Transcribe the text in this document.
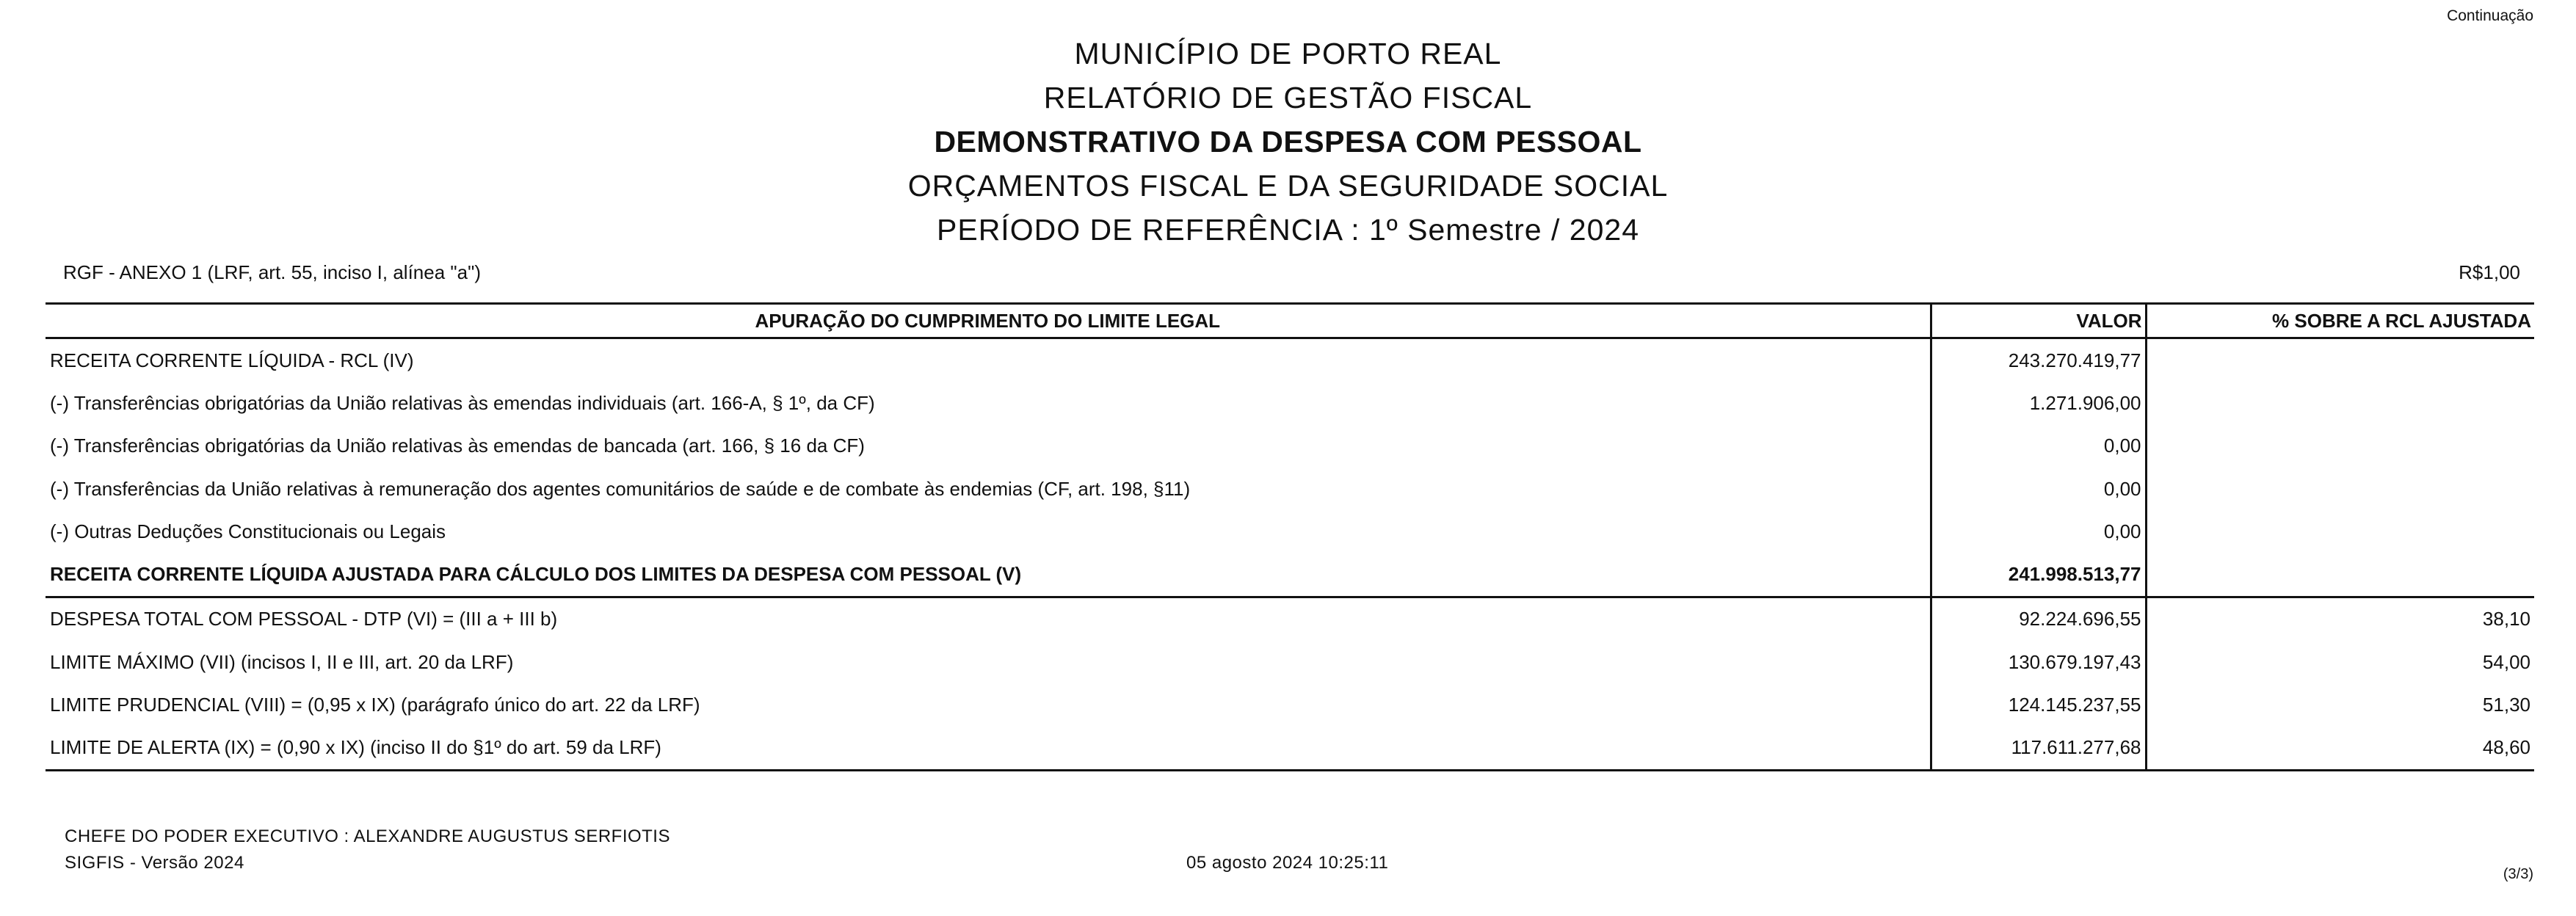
Continuação
MUNICÍPIO DE PORTO REAL
RELATÓRIO DE GESTÃO FISCAL
DEMONSTRATIVO DA DESPESA COM PESSOAL
ORÇAMENTOS FISCAL E DA SEGURIDADE SOCIAL
PERÍODO DE REFERÊNCIA : 1º Semestre / 2024
RGF - ANEXO 1 (LRF, art. 55, inciso I, alínea "a")	R$1,00
APURAÇÃO DO CUMPRIMENTO DO LIMITE LEGAL	VALOR	% SOBRE A RCL AJUSTADA
RECEITA CORRENTE LÍQUIDA - RCL (IV)	243.270.419,77	
(-) Transferências obrigatórias da União relativas às emendas individuais (art. 166-A, § 1º, da CF)	1.271.906,00	
(-) Transferências obrigatórias da União relativas às emendas de bancada (art. 166, § 16 da CF)	0,00	
(-) Transferências da União relativas à remuneração dos agentes comunitários de saúde e de combate às endemias (CF, art. 198, §11)	0,00	
(-) Outras Deduções Constitucionais ou Legais	0,00	
RECEITA CORRENTE LÍQUIDA AJUSTADA PARA CÁLCULO DOS LIMITES DA DESPESA COM PESSOAL (V)	241.998.513,77	
DESPESA TOTAL COM PESSOAL - DTP (VI) = (III a + III b)	92.224.696,55	38,10
LIMITE MÁXIMO (VII) (incisos I, II e III, art. 20 da LRF)	130.679.197,43	54,00
LIMITE PRUDENCIAL (VIII) = (0,95 x IX) (parágrafo único do art. 22 da LRF)	124.145.237,55	51,30
LIMITE DE ALERTA (IX) = (0,90 x IX) (inciso II do §1º do art. 59 da LRF)	117.611.277,68	48,60
CHEFE DO PODER EXECUTIVO : ALEXANDRE AUGUSTUS SERFIOTIS
SIGFIS - Versão 2024	05 agosto 2024 10:25:11
(3/3)
